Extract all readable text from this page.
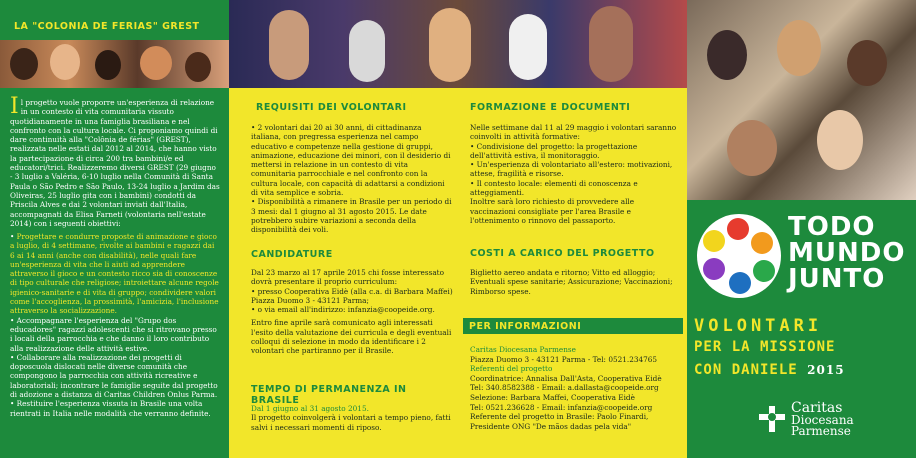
LA "COLONIA DE FERIAS" GREST
Il progetto vuole proporre un'esperienza di relazione in un contesto di vita comunitaria vissuto quotidianamente in una famiglia brasiliana e nel confronto con la cultura locale. Ci proponiamo quindi di dare continuità alla "Colônia de férias" (GREST), realizzata nelle estati dal 2012 al 2014, che hanno visto la partecipazione di circa 200 tra bambini/e ed educatori/trici. Realizzeremo diversi GREST (29 giugno - 3 luglio a Valéria, 6-10 luglio nella Comunità di Santa Paula o São Pedro e São Paulo, 13-24 luglio a Jardim das Oliveiras, 25 luglio gita con i bambini) condotti da Priscila Alves e dai 2 volontari inviati dall'Italia, accompagnati da Elisa Farneti (volontaria nell'estate 2014) con i seguenti obiettivi:
• Progettare e condurre proposte di animazione e gioco a luglio, di 4 settimane, rivolte ai bambini e ragazzi dai 6 ai 14 anni (anche con disabilità), nelle quali fare un'esperienza di vita che li aiuti ad apprendere attraverso il gioco e un contesto ricco sia di conoscenze di tipo culturale che religiose; introiettare alcune regole igienico-sanitarie e di vita di gruppo; condividere valori come l'accoglienza, la prossimità, l'amicizia, l'inclusione attraverso la socializzazione.
• Accompagnare l'esperienza del "Grupo dos educadores" ragazzi adolescenti che si ritrovano presso i locali della parrocchia e che danno il loro contributo alla realizzazione delle attività estive.
• Collaborare alla realizzazione dei progetti di doposcuola dislocati nelle diverse comunità che compongono la parrocchia con attività ricreative e laboratoriali; incontrare le famiglie seguite dal progetto di adozione a distanza di Caritas Children Onlus Parma.
• Restituire l'esperienza vissuta in Brasile una volta rientrati in Italia nelle modalità che verranno definite.
REQUISITI DEI VOLONTARI
• 2 volontari dai 20 ai 30 anni, di cittadinanza italiana, con pregressa esperienza nel campo educativo e competenze nella gestione di gruppi, animazione, educazione dei minori, con il desiderio di mettersi in relazione in un contesto di vita comunitaria parrocchiale e nel confronto con la cultura locale, con capacità di adattarsi a condizioni di vita semplice e sobria.
• Disponibilità a rimanere in Brasile per un periodo di 3 mesi: dal 1 giugno al 31 agosto 2015. Le date potrebbero subire variazioni a seconda della disponibilità dei voli.
CANDIDATURE
Dal 23 marzo al 17 aprile 2015 chi fosse interessato dovrà presentare il proprio curriculum:
• presso Cooperativa Eidè (alla c.a. di Barbara Maffei) Piazza Duomo 3 - 43121 Parma;
• o via email all'indirizzo: infanzia@coopeide.org.
Entro fine aprile sarà comunicato agli interessati l'esito della valutazione dei curricula e degli eventuali colloqui di selezione in modo da identificare i 2 volontari che partiranno per il Brasile.
TEMPO DI PERMANENZA IN BRASILE
Dal 1 giugno al 31 agosto 2015.
Il progetto coinvolgerà i volontari a tempo pieno, fatti salvi i necessari momenti di riposo.
FORMAZIONE E DOCUMENTI
Nelle settimane dal 11 al 29 maggio i volontari saranno coinvolti in attività formative:
• Condivisione del progetto: la progettazione dell'attività estiva, il monitoraggio.
• Un'esperienza di volontariato all'estero: motivazioni, attese, fragilità e risorse.
• Il contesto locale: elementi di conoscenza e atteggiamenti.
Inoltre sarà loro richiesto di provvedere alle vaccinazioni consigliate per l'area Brasile e l'ottenimento o rinnovo del passaporto.
COSTI A CARICO DEL PROGETTO
Biglietto aereo andata e ritorno; Vitto ed alloggio; Eventuali spese sanitarie; Assicurazione; Vaccinazioni; Rimborso spese.
PER INFORMAZIONI
Caritas Diocesana Parmense
Piazza Duomo 3 - 43121 Parma - Tel: 0521.234765
Referenti del progetto
Coordinatrice: Annalisa Dall'Asta, Cooperativa Eidè
Tel: 340.8582388 - Email: a.dallasta@coopeide.org
Selezione: Barbara Maffei, Cooperativa Eidè
Tel: 0521.236628 - Email: infanzia@coopeide.org
Referente del progetto in Brasile: Paolo Finardi,
Presidente ONG "De mãos dadas pela vida"
TODO
MUNDO
JUNTO
VOLONTARI
PER LA MISSIONE
CON DANIELE 2015
Caritas
Diocesana
Parmense
